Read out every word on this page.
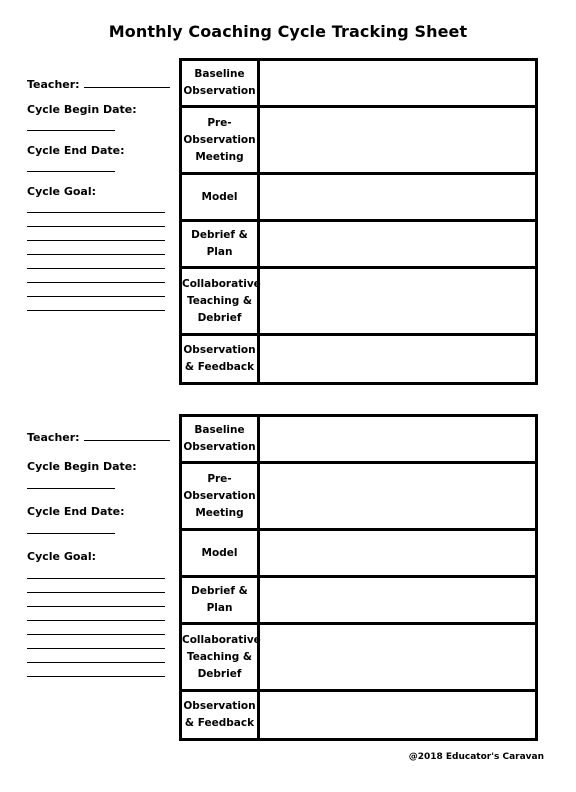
Monthly Coaching Cycle Tracking Sheet
Teacher:
Cycle Begin Date:
Cycle End Date:
Cycle Goal:
Baseline
Observation	

Pre-
Observation
Meeting	

Model	

Debrief &
Plan	

Collaborative
Teaching &
Debrief	

Observation
& Feedback	

Teacher:
Cycle Begin Date:
Cycle End Date:
Cycle Goal:
Baseline
Observation	

Pre-
Observation
Meeting	

Model	

Debrief &
Plan	

Collaborative
Teaching &
Debrief	

Observation
& Feedback	

@2018 Educator's Caravan
